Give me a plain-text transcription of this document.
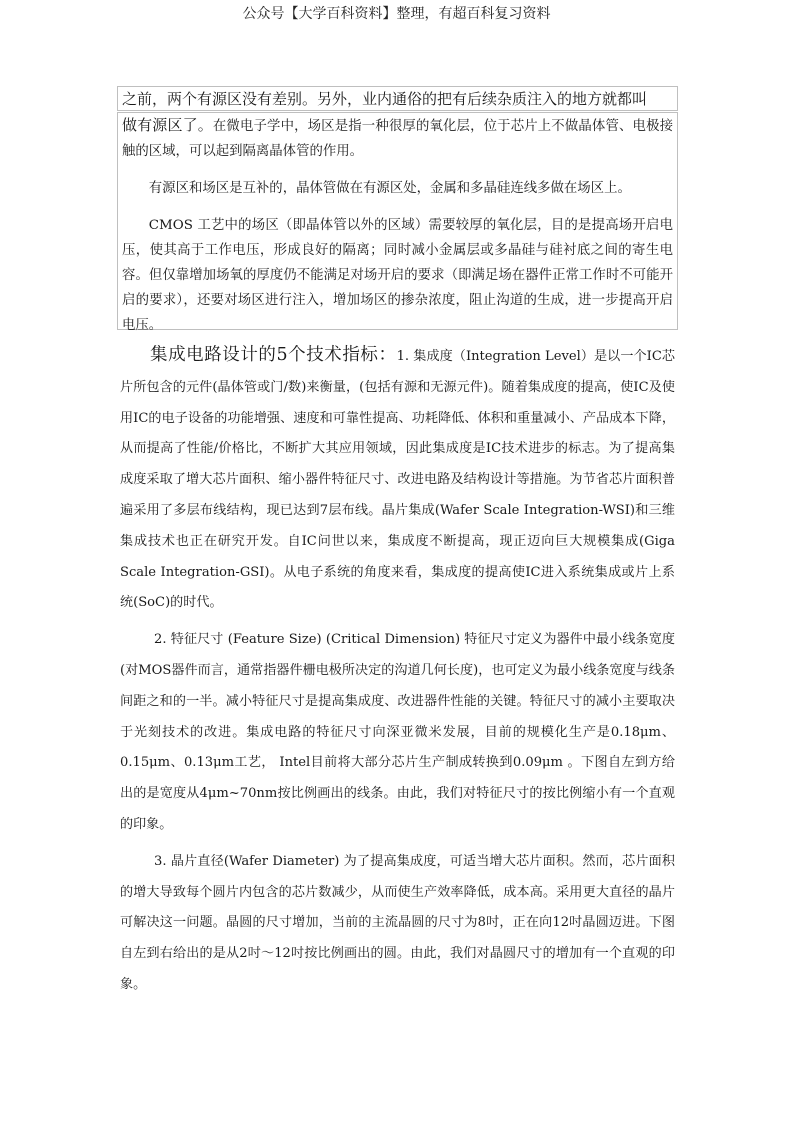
公众号【大学百科资料】整理，有超百科复习资料
之前，两个有源区没有差别。另外，业内通俗的把有后续杂质注入的地方就都叫

做有源区了。在微电子学中，场区是指一种很厚的氧化层，位于芯片上不做晶体管、电极接触的区域，可以起到隔离晶体管的作用。

有源区和场区是互补的，晶体管做在有源区处，金属和多晶硅连线多做在场区上。

CMOS 工艺中的场区（即晶体管以外的区域）需要较厚的氧化层，目的是提高场开启电压，使其高于工作电压，形成良好的隔离；同时减小金属层或多晶硅与硅衬底之间的寄生电容。但仅靠增加场氧的厚度仍不能满足对场开启的要求（即满足场在器件正常工作时不可能开启的要求），还要对场区进行注入，增加场区的掺杂浓度，阻止沟道的生成，进一步提高开启电压。

集成电路设计的5个技术指标：1. 集成度（Integration Level）是以一个IC芯片所包含的元件(晶体管或门/数)来衡量，(包括有源和无源元件)。随着集成度的提高，使IC及使用IC的电子设备的功能增强、速度和可靠性提高、功耗降低、体积和重量减小、产品成本下降，从而提高了性能/价格比，不断扩大其应用领域，因此集成度是IC技术进步的标志。为了提高集成度采取了增大芯片面积、缩小器件特征尺寸、改进电路及结构设计等措施。为节省芯片面积普遍采用了多层布线结构，现已达到7层布线。晶片集成(Wafer Scale Integration-WSI)和三维集成技术也正在研究开发。自IC问世以来，集成度不断提高，现正迈向巨大规模集成(Giga Scale Integration-GSI)。从电子系统的角度来看，集成度的提高使IC进入系统集成或片上系统(SoC)的时代。

2. 特征尺寸 (Feature Size) (Critical Dimension) 特征尺寸定义为器件中最小线条宽度(对MOS器件而言，通常指器件栅电极所决定的沟道几何长度)，也可定义为最小线条宽度与线条间距之和的一半。减小特征尺寸是提高集成度、改进器件性能的关键。特征尺寸的减小主要取决于光刻技术的改进。集成电路的特征尺寸向深亚微米发展，目前的规模化生产是0.18μm、0.15μm、0.13μm工艺， Intel目前将大部分芯片生产制成转换到0.09μm 。下图自左到方给出的是宽度从4μm~70nm按比例画出的线条。由此，我们对特征尺寸的按比例缩小有一个直观的印象。

3. 晶片直径(Wafer Diameter) 为了提高集成度，可适当增大芯片面积。然而，芯片面积的增大导致每个圆片内包含的芯片数减少，从而使生产效率降低，成本高。采用更大直径的晶片可解决这一问题。晶圆的尺寸增加，当前的主流晶圆的尺寸为8吋，正在向12吋晶圆迈进。下图自左到右给出的是从2吋～12吋按比例画出的圆。由此，我们对晶圆尺寸的增加有一个直观的印象。
